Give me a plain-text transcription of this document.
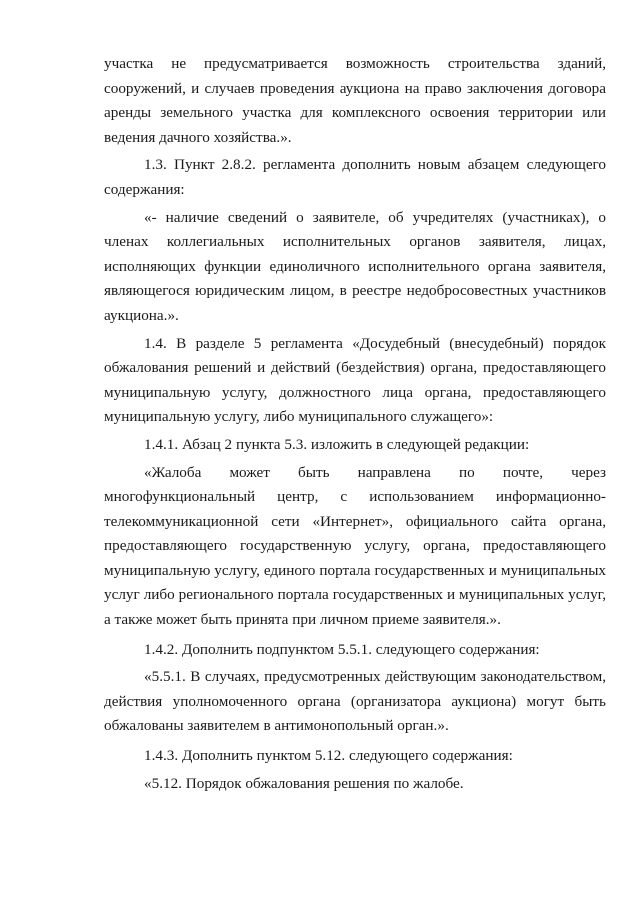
участка не предусматривается возможность строительства зданий, сооружений, и случаев проведения аукциона на право заключения договора аренды земельного участка для комплексного освоения территории или ведения дачного хозяйства.».

1.3. Пункт 2.8.2. регламента дополнить новым абзацем следующего содержания:

«- наличие сведений о заявителе, об учредителях (участниках), о членах коллегиальных исполнительных органов заявителя, лицах, исполняющих функции единоличного исполнительного органа заявителя, являющегося юридическим лицом, в реестре недобросовестных участников аукциона.».

1.4. В разделе 5 регламента «Досудебный (внесудебный) порядок обжалования решений и действий (бездействия) органа, предоставляющего муниципальную услугу, должностного лица органа, предоставляющего муниципальную услугу, либо муниципального служащего»:

1.4.1. Абзац 2 пункта 5.3. изложить в следующей редакции:

«Жалоба может быть направлена по почте, через многофункциональный центр, с использованием информационно-телекоммуникационной сети «Интернет», официального сайта органа, предоставляющего государственную услугу, органа, предоставляющего муниципальную услугу, единого портала государственных и муниципальных услуг либо регионального портала государственных и муниципальных услуг, а также может быть принята при личном приеме заявителя.».

1.4.2. Дополнить подпунктом 5.5.1. следующего содержания:

«5.5.1. В случаях, предусмотренных действующим законодательством, действия уполномоченного органа (организатора аукциона) могут быть обжалованы заявителем в антимонопольный орган.».

1.4.3. Дополнить пунктом 5.12. следующего содержания:

«5.12. Порядок обжалования решения по жалобе.
